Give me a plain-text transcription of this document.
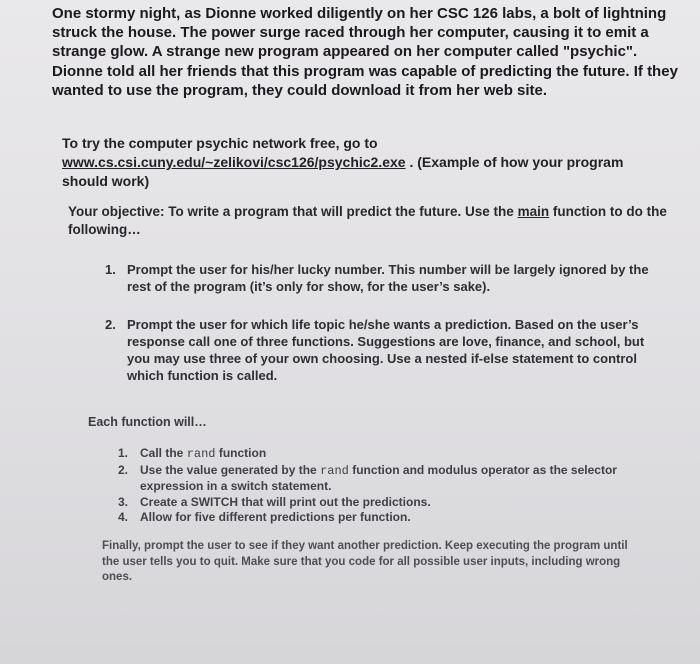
One stormy night, as Dionne worked diligently on her CSC 126 labs, a bolt of lightning struck the house. The power surge raced through her computer, causing it to emit a strange glow. A strange new program appeared on her computer called "psychic". Dionne told all her friends that this program was capable of predicting the future. If they wanted to use the program, they could download it from her web site.

To try the computer psychic network free, go to
www.cs.csi.cuny.edu/~zelikovi/csc126/psychic2.exe . (Example of how your program should work)

Your objective: To write a program that will predict the future. Use the main function to do the following…

1. Prompt the user for his/her lucky number. This number will be largely ignored by the rest of the program (it’s only for show, for the user’s sake).
2. Prompt the user for which life topic he/she wants a prediction. Based on the user’s response call one of three functions. Suggestions are love, finance, and school, but you may use three of your own choosing. Use a nested if-else statement to control which function is called.

Each function will…

1. Call the rand function
2. Use the value generated by the rand function and modulus operator as the selector expression in a switch statement.
3. Create a SWITCH that will print out the predictions.
4. Allow for five different predictions per function.

Finally, prompt the user to see if they want another prediction. Keep executing the program until the user tells you to quit. Make sure that you code for all possible user inputs, including wrong ones.
